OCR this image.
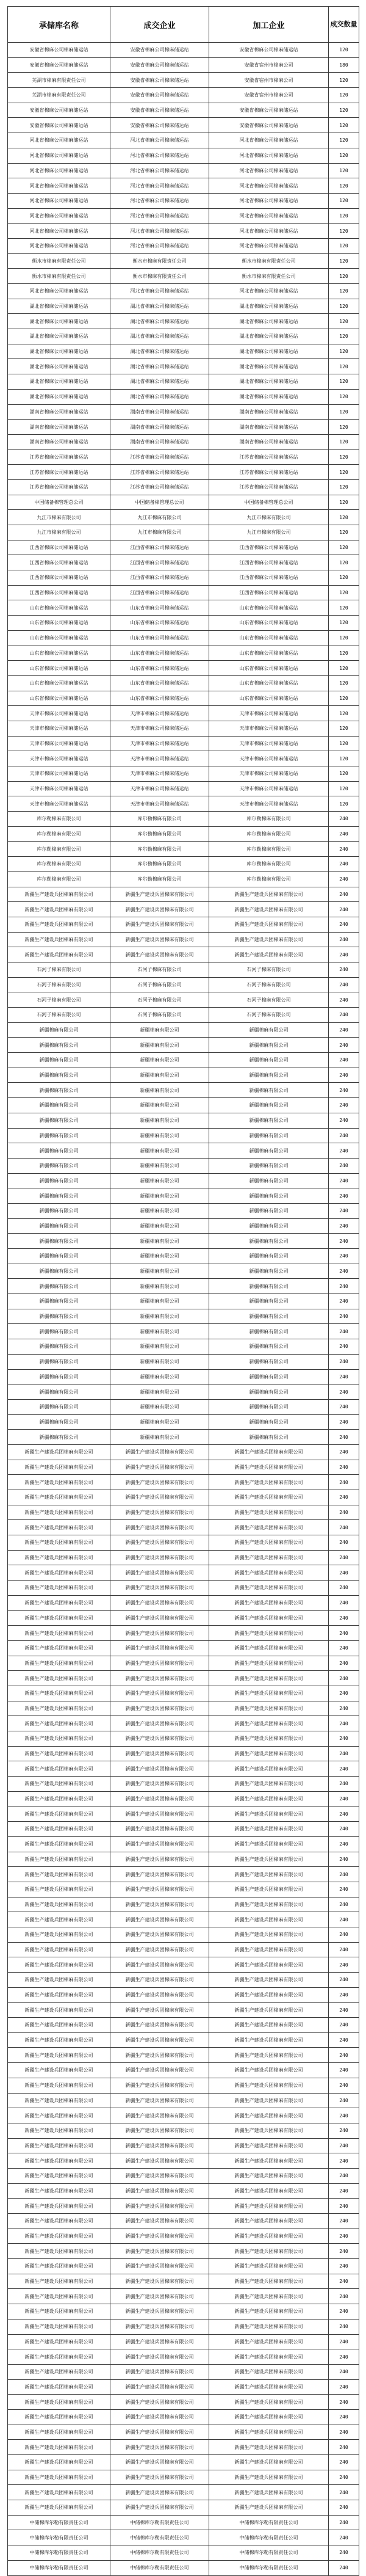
承储库名称	成交企业	加工企业	成交数量
安徽省棉麻公司棉麻储运站	安徽省棉麻公司棉麻储运站	安徽省棉麻公司棉麻储运站	120
安徽省棉麻公司棉麻储运站	安徽省棉麻公司棉麻储运站	安徽省宿州市棉麻公司	180
芜湖市棉麻有限责任公司	安徽省棉麻公司棉麻储运站	安徽省宿州市棉麻公司	120
芜湖市棉麻有限责任公司	安徽省棉麻公司棉麻储运站	安徽省宿州市棉麻公司	120
安徽省棉麻公司棉麻储运站	安徽省棉麻公司棉麻储运站	安徽省棉麻公司棉麻储运站	120
安徽省棉麻公司棉麻储运站	安徽省棉麻公司棉麻储运站	安徽省棉麻公司棉麻储运站	120
河北省棉麻公司棉麻储运站	河北省棉麻公司棉麻储运站	河北省棉麻公司棉麻储运站	120
河北省棉麻公司棉麻储运站	河北省棉麻公司棉麻储运站	河北省棉麻公司棉麻储运站	120
河北省棉麻公司棉麻储运站	河北省棉麻公司棉麻储运站	河北省棉麻公司棉麻储运站	120
河北省棉麻公司棉麻储运站	河北省棉麻公司棉麻储运站	河北省棉麻公司棉麻储运站	120
河北省棉麻公司棉麻储运站	河北省棉麻公司棉麻储运站	河北省棉麻公司棉麻储运站	120
河北省棉麻公司棉麻储运站	河北省棉麻公司棉麻储运站	河北省棉麻公司棉麻储运站	120
河北省棉麻公司棉麻储运站	河北省棉麻公司棉麻储运站	河北省棉麻公司棉麻储运站	120
河北省棉麻公司棉麻储运站	河北省棉麻公司棉麻储运站	河北省棉麻公司棉麻储运站	120
衡水市棉麻有限责任公司	衡水市棉麻有限责任公司	衡水市棉麻有限责任公司	120
衡水市棉麻有限责任公司	衡水市棉麻有限责任公司	衡水市棉麻有限责任公司	120
河北省棉麻公司棉麻储运站	河北省棉麻公司棉麻储运站	河北省棉麻公司棉麻储运站	120
湖北省棉麻公司棉麻储运站	湖北省棉麻公司棉麻储运站	湖北省棉麻公司棉麻储运站	120
湖北省棉麻公司棉麻储运站	湖北省棉麻公司棉麻储运站	湖北省棉麻公司棉麻储运站	120
湖北省棉麻公司棉麻储运站	湖北省棉麻公司棉麻储运站	湖北省棉麻公司棉麻储运站	120
湖北省棉麻公司棉麻储运站	湖北省棉麻公司棉麻储运站	湖北省棉麻公司棉麻储运站	120
湖北省棉麻公司棉麻储运站	湖北省棉麻公司棉麻储运站	湖北省棉麻公司棉麻储运站	120
湖北省棉麻公司棉麻储运站	湖北省棉麻公司棉麻储运站	湖北省棉麻公司棉麻储运站	120
湖北省棉麻公司棉麻储运站	湖北省棉麻公司棉麻储运站	湖北省棉麻公司棉麻储运站	120
湖南省棉麻公司棉麻储运站	湖南省棉麻公司棉麻储运站	湖南省棉麻公司棉麻储运站	120
湖南省棉麻公司棉麻储运站	湖南省棉麻公司棉麻储运站	湖南省棉麻公司棉麻储运站	120
湖南省棉麻公司棉麻储运站	湖南省棉麻公司棉麻储运站	湖南省棉麻公司棉麻储运站	120
江苏省棉麻公司棉麻储运站	江苏省棉麻公司棉麻储运站	江苏省棉麻公司棉麻储运站	120
江苏省棉麻公司棉麻储运站	江苏省棉麻公司棉麻储运站	江苏省棉麻公司棉麻储运站	120
江苏省棉麻公司棉麻储运站	江苏省棉麻公司棉麻储运站	江苏省棉麻公司棉麻储运站	120
中国储备棉管理总公司	中国储备棉管理总公司	中国储备棉管理总公司	120
九江市棉麻有限公司	九江市棉麻有限公司	九江市棉麻有限公司	120
九江市棉麻有限公司	九江市棉麻有限公司	九江市棉麻有限公司	120
江西省棉麻公司棉麻储运站	江西省棉麻公司棉麻储运站	江西省棉麻公司棉麻储运站	120
江西省棉麻公司棉麻储运站	江西省棉麻公司棉麻储运站	江西省棉麻公司棉麻储运站	120
江西省棉麻公司棉麻储运站	江西省棉麻公司棉麻储运站	江西省棉麻公司棉麻储运站	120
江西省棉麻公司棉麻储运站	江西省棉麻公司棉麻储运站	江西省棉麻公司棉麻储运站	120
山东省棉麻公司棉麻储运站	山东省棉麻公司棉麻储运站	山东省棉麻公司棉麻储运站	120
山东省棉麻公司棉麻储运站	山东省棉麻公司棉麻储运站	山东省棉麻公司棉麻储运站	120
山东省棉麻公司棉麻储运站	山东省棉麻公司棉麻储运站	山东省棉麻公司棉麻储运站	120
山东省棉麻公司棉麻储运站	山东省棉麻公司棉麻储运站	山东省棉麻公司棉麻储运站	120
山东省棉麻公司棉麻储运站	山东省棉麻公司棉麻储运站	山东省棉麻公司棉麻储运站	120
山东省棉麻公司棉麻储运站	山东省棉麻公司棉麻储运站	山东省棉麻公司棉麻储运站	120
山东省棉麻公司棉麻储运站	山东省棉麻公司棉麻储运站	山东省棉麻公司棉麻储运站	120
天津市棉麻公司棉麻储运站	天津市棉麻公司棉麻储运站	天津市棉麻公司棉麻储运站	120
天津市棉麻公司棉麻储运站	天津市棉麻公司棉麻储运站	天津市棉麻公司棉麻储运站	120
天津市棉麻公司棉麻储运站	天津市棉麻公司棉麻储运站	天津市棉麻公司棉麻储运站	120
天津市棉麻公司棉麻储运站	天津市棉麻公司棉麻储运站	天津市棉麻公司棉麻储运站	120
天津市棉麻公司棉麻储运站	天津市棉麻公司棉麻储运站	天津市棉麻公司棉麻储运站	120
天津市棉麻公司棉麻储运站	天津市棉麻公司棉麻储运站	天津市棉麻公司棉麻储运站	120
天津市棉麻公司棉麻储运站	天津市棉麻公司棉麻储运站	天津市棉麻公司棉麻储运站	120
库尔勒棉麻有限公司	库尔勒棉麻有限公司	库尔勒棉麻有限公司	240
库尔勒棉麻有限公司	库尔勒棉麻有限公司	库尔勒棉麻有限公司	240
库尔勒棉麻有限公司	库尔勒棉麻有限公司	库尔勒棉麻有限公司	240
库尔勒棉麻有限公司	库尔勒棉麻有限公司	库尔勒棉麻有限公司	240
库尔勒棉麻有限公司	库尔勒棉麻有限公司	库尔勒棉麻有限公司	240
新疆生产建设兵团棉麻有限公司	新疆生产建设兵团棉麻有限公司	新疆生产建设兵团棉麻有限公司	240
新疆生产建设兵团棉麻有限公司	新疆生产建设兵团棉麻有限公司	新疆生产建设兵团棉麻有限公司	240
新疆生产建设兵团棉麻有限公司	新疆生产建设兵团棉麻有限公司	新疆生产建设兵团棉麻有限公司	240
新疆生产建设兵团棉麻有限公司	新疆生产建设兵团棉麻有限公司	新疆生产建设兵团棉麻有限公司	240
新疆生产建设兵团棉麻有限公司	新疆生产建设兵团棉麻有限公司	新疆生产建设兵团棉麻有限公司	240
石河子棉麻有限公司	石河子棉麻有限公司	石河子棉麻有限公司	240
石河子棉麻有限公司	石河子棉麻有限公司	石河子棉麻有限公司	240
石河子棉麻有限公司	石河子棉麻有限公司	石河子棉麻有限公司	240
石河子棉麻有限公司	石河子棉麻有限公司	石河子棉麻有限公司	240
新疆棉麻有限公司	新疆棉麻有限公司	新疆棉麻有限公司	240
新疆棉麻有限公司	新疆棉麻有限公司	新疆棉麻有限公司	240
新疆棉麻有限公司	新疆棉麻有限公司	新疆棉麻有限公司	240
新疆棉麻有限公司	新疆棉麻有限公司	新疆棉麻有限公司	240
新疆棉麻有限公司	新疆棉麻有限公司	新疆棉麻有限公司	240
新疆棉麻有限公司	新疆棉麻有限公司	新疆棉麻有限公司	240
新疆棉麻有限公司	新疆棉麻有限公司	新疆棉麻有限公司	240
新疆棉麻有限公司	新疆棉麻有限公司	新疆棉麻有限公司	240
新疆棉麻有限公司	新疆棉麻有限公司	新疆棉麻有限公司	240
新疆棉麻有限公司	新疆棉麻有限公司	新疆棉麻有限公司	240
新疆棉麻有限公司	新疆棉麻有限公司	新疆棉麻有限公司	240
新疆棉麻有限公司	新疆棉麻有限公司	新疆棉麻有限公司	240
新疆棉麻有限公司	新疆棉麻有限公司	新疆棉麻有限公司	240
新疆棉麻有限公司	新疆棉麻有限公司	新疆棉麻有限公司	240
新疆棉麻有限公司	新疆棉麻有限公司	新疆棉麻有限公司	240
新疆棉麻有限公司	新疆棉麻有限公司	新疆棉麻有限公司	240
新疆棉麻有限公司	新疆棉麻有限公司	新疆棉麻有限公司	240
新疆棉麻有限公司	新疆棉麻有限公司	新疆棉麻有限公司	240
新疆棉麻有限公司	新疆棉麻有限公司	新疆棉麻有限公司	240
新疆棉麻有限公司	新疆棉麻有限公司	新疆棉麻有限公司	240
新疆棉麻有限公司	新疆棉麻有限公司	新疆棉麻有限公司	240
新疆棉麻有限公司	新疆棉麻有限公司	新疆棉麻有限公司	240
新疆棉麻有限公司	新疆棉麻有限公司	新疆棉麻有限公司	240
新疆棉麻有限公司	新疆棉麻有限公司	新疆棉麻有限公司	240
新疆棉麻有限公司	新疆棉麻有限公司	新疆棉麻有限公司	240
新疆棉麻有限公司	新疆棉麻有限公司	新疆棉麻有限公司	240
新疆棉麻有限公司	新疆棉麻有限公司	新疆棉麻有限公司	240
新疆棉麻有限公司	新疆棉麻有限公司	新疆棉麻有限公司	240
新疆生产建设兵团棉麻有限公司	新疆生产建设兵团棉麻有限公司	新疆生产建设兵团棉麻有限公司	240
新疆生产建设兵团棉麻有限公司	新疆生产建设兵团棉麻有限公司	新疆生产建设兵团棉麻有限公司	240
新疆生产建设兵团棉麻有限公司	新疆生产建设兵团棉麻有限公司	新疆生产建设兵团棉麻有限公司	240
新疆生产建设兵团棉麻有限公司	新疆生产建设兵团棉麻有限公司	新疆生产建设兵团棉麻有限公司	240
新疆生产建设兵团棉麻有限公司	新疆生产建设兵团棉麻有限公司	新疆生产建设兵团棉麻有限公司	240
新疆生产建设兵团棉麻有限公司	新疆生产建设兵团棉麻有限公司	新疆生产建设兵团棉麻有限公司	240
新疆生产建设兵团棉麻有限公司	新疆生产建设兵团棉麻有限公司	新疆生产建设兵团棉麻有限公司	240
新疆生产建设兵团棉麻有限公司	新疆生产建设兵团棉麻有限公司	新疆生产建设兵团棉麻有限公司	240
新疆生产建设兵团棉麻有限公司	新疆生产建设兵团棉麻有限公司	新疆生产建设兵团棉麻有限公司	240
新疆生产建设兵团棉麻有限公司	新疆生产建设兵团棉麻有限公司	新疆生产建设兵团棉麻有限公司	240
新疆生产建设兵团棉麻有限公司	新疆生产建设兵团棉麻有限公司	新疆生产建设兵团棉麻有限公司	240
新疆生产建设兵团棉麻有限公司	新疆生产建设兵团棉麻有限公司	新疆生产建设兵团棉麻有限公司	240
新疆生产建设兵团棉麻有限公司	新疆生产建设兵团棉麻有限公司	新疆生产建设兵团棉麻有限公司	240
新疆生产建设兵团棉麻有限公司	新疆生产建设兵团棉麻有限公司	新疆生产建设兵团棉麻有限公司	240
新疆生产建设兵团棉麻有限公司	新疆生产建设兵团棉麻有限公司	新疆生产建设兵团棉麻有限公司	240
新疆生产建设兵团棉麻有限公司	新疆生产建设兵团棉麻有限公司	新疆生产建设兵团棉麻有限公司	240
新疆生产建设兵团棉麻有限公司	新疆生产建设兵团棉麻有限公司	新疆生产建设兵团棉麻有限公司	240
新疆生产建设兵团棉麻有限公司	新疆生产建设兵团棉麻有限公司	新疆生产建设兵团棉麻有限公司	240
新疆生产建设兵团棉麻有限公司	新疆生产建设兵团棉麻有限公司	新疆生产建设兵团棉麻有限公司	240
新疆生产建设兵团棉麻有限公司	新疆生产建设兵团棉麻有限公司	新疆生产建设兵团棉麻有限公司	240
新疆生产建设兵团棉麻有限公司	新疆生产建设兵团棉麻有限公司	新疆生产建设兵团棉麻有限公司	240
新疆生产建设兵团棉麻有限公司	新疆生产建设兵团棉麻有限公司	新疆生产建设兵团棉麻有限公司	240
新疆生产建设兵团棉麻有限公司	新疆生产建设兵团棉麻有限公司	新疆生产建设兵团棉麻有限公司	240
新疆生产建设兵团棉麻有限公司	新疆生产建设兵团棉麻有限公司	新疆生产建设兵团棉麻有限公司	240
新疆生产建设兵团棉麻有限公司	新疆生产建设兵团棉麻有限公司	新疆生产建设兵团棉麻有限公司	240
新疆生产建设兵团棉麻有限公司	新疆生产建设兵团棉麻有限公司	新疆生产建设兵团棉麻有限公司	240
新疆生产建设兵团棉麻有限公司	新疆生产建设兵团棉麻有限公司	新疆生产建设兵团棉麻有限公司	240
新疆生产建设兵团棉麻有限公司	新疆生产建设兵团棉麻有限公司	新疆生产建设兵团棉麻有限公司	240
新疆生产建设兵团棉麻有限公司	新疆生产建设兵团棉麻有限公司	新疆生产建设兵团棉麻有限公司	240
新疆生产建设兵团棉麻有限公司	新疆生产建设兵团棉麻有限公司	新疆生产建设兵团棉麻有限公司	240
新疆生产建设兵团棉麻有限公司	新疆生产建设兵团棉麻有限公司	新疆生产建设兵团棉麻有限公司	240
新疆生产建设兵团棉麻有限公司	新疆生产建设兵团棉麻有限公司	新疆生产建设兵团棉麻有限公司	240
新疆生产建设兵团棉麻有限公司	新疆生产建设兵团棉麻有限公司	新疆生产建设兵团棉麻有限公司	240
新疆生产建设兵团棉麻有限公司	新疆生产建设兵团棉麻有限公司	新疆生产建设兵团棉麻有限公司	240
新疆生产建设兵团棉麻有限公司	新疆生产建设兵团棉麻有限公司	新疆生产建设兵团棉麻有限公司	240
新疆生产建设兵团棉麻有限公司	新疆生产建设兵团棉麻有限公司	新疆生产建设兵团棉麻有限公司	240
新疆生产建设兵团棉麻有限公司	新疆生产建设兵团棉麻有限公司	新疆生产建设兵团棉麻有限公司	240
新疆生产建设兵团棉麻有限公司	新疆生产建设兵团棉麻有限公司	新疆生产建设兵团棉麻有限公司	240
新疆生产建设兵团棉麻有限公司	新疆生产建设兵团棉麻有限公司	新疆生产建设兵团棉麻有限公司	240
新疆生产建设兵团棉麻有限公司	新疆生产建设兵团棉麻有限公司	新疆生产建设兵团棉麻有限公司	240
新疆生产建设兵团棉麻有限公司	新疆生产建设兵团棉麻有限公司	新疆生产建设兵团棉麻有限公司	240
新疆生产建设兵团棉麻有限公司	新疆生产建设兵团棉麻有限公司	新疆生产建设兵团棉麻有限公司	240
新疆生产建设兵团棉麻有限公司	新疆生产建设兵团棉麻有限公司	新疆生产建设兵团棉麻有限公司	240
新疆生产建设兵团棉麻有限公司	新疆生产建设兵团棉麻有限公司	新疆生产建设兵团棉麻有限公司	240
新疆生产建设兵团棉麻有限公司	新疆生产建设兵团棉麻有限公司	新疆生产建设兵团棉麻有限公司	240
新疆生产建设兵团棉麻有限公司	新疆生产建设兵团棉麻有限公司	新疆生产建设兵团棉麻有限公司	240
新疆生产建设兵团棉麻有限公司	新疆生产建设兵团棉麻有限公司	新疆生产建设兵团棉麻有限公司	240
新疆生产建设兵团棉麻有限公司	新疆生产建设兵团棉麻有限公司	新疆生产建设兵团棉麻有限公司	240
新疆生产建设兵团棉麻有限公司	新疆生产建设兵团棉麻有限公司	新疆生产建设兵团棉麻有限公司	240
新疆生产建设兵团棉麻有限公司	新疆生产建设兵团棉麻有限公司	新疆生产建设兵团棉麻有限公司	240
新疆生产建设兵团棉麻有限公司	新疆生产建设兵团棉麻有限公司	新疆生产建设兵团棉麻有限公司	240
新疆生产建设兵团棉麻有限公司	新疆生产建设兵团棉麻有限公司	新疆生产建设兵团棉麻有限公司	240
新疆生产建设兵团棉麻有限公司	新疆生产建设兵团棉麻有限公司	新疆生产建设兵团棉麻有限公司	240
新疆生产建设兵团棉麻有限公司	新疆生产建设兵团棉麻有限公司	新疆生产建设兵团棉麻有限公司	240
新疆生产建设兵团棉麻有限公司	新疆生产建设兵团棉麻有限公司	新疆生产建设兵团棉麻有限公司	240
新疆生产建设兵团棉麻有限公司	新疆生产建设兵团棉麻有限公司	新疆生产建设兵团棉麻有限公司	240
新疆生产建设兵团棉麻有限公司	新疆生产建设兵团棉麻有限公司	新疆生产建设兵团棉麻有限公司	240
新疆生产建设兵团棉麻有限公司	新疆生产建设兵团棉麻有限公司	新疆生产建设兵团棉麻有限公司	240
新疆生产建设兵团棉麻有限公司	新疆生产建设兵团棉麻有限公司	新疆生产建设兵团棉麻有限公司	240
新疆生产建设兵团棉麻有限公司	新疆生产建设兵团棉麻有限公司	新疆生产建设兵团棉麻有限公司	240
新疆生产建设兵团棉麻有限公司	新疆生产建设兵团棉麻有限公司	新疆生产建设兵团棉麻有限公司	240
新疆生产建设兵团棉麻有限公司	新疆生产建设兵团棉麻有限公司	新疆生产建设兵团棉麻有限公司	240
新疆生产建设兵团棉麻有限公司	新疆生产建设兵团棉麻有限公司	新疆生产建设兵团棉麻有限公司	240
新疆生产建设兵团棉麻有限公司	新疆生产建设兵团棉麻有限公司	新疆生产建设兵团棉麻有限公司	240
新疆生产建设兵团棉麻有限公司	新疆生产建设兵团棉麻有限公司	新疆生产建设兵团棉麻有限公司	240
新疆生产建设兵团棉麻有限公司	新疆生产建设兵团棉麻有限公司	新疆生产建设兵团棉麻有限公司	240
新疆生产建设兵团棉麻有限公司	新疆生产建设兵团棉麻有限公司	新疆生产建设兵团棉麻有限公司	240
新疆生产建设兵团棉麻有限公司	新疆生产建设兵团棉麻有限公司	新疆生产建设兵团棉麻有限公司	240
新疆生产建设兵团棉麻有限公司	新疆生产建设兵团棉麻有限公司	新疆生产建设兵团棉麻有限公司	240
新疆生产建设兵团棉麻有限公司	新疆生产建设兵团棉麻有限公司	新疆生产建设兵团棉麻有限公司	240
新疆生产建设兵团棉麻有限公司	新疆生产建设兵团棉麻有限公司	新疆生产建设兵团棉麻有限公司	240
中储棉库尔勒有限责任公司	中储棉库尔勒有限责任公司	中储棉库尔勒有限责任公司	240
中储棉库尔勒有限责任公司	中储棉库尔勒有限责任公司	中储棉库尔勒有限责任公司	240
中储棉库尔勒有限责任公司	中储棉库尔勒有限责任公司	中储棉库尔勒有限责任公司	240
中储棉库尔勒有限责任公司	中储棉库尔勒有限责任公司	中储棉库尔勒有限责任公司	240
